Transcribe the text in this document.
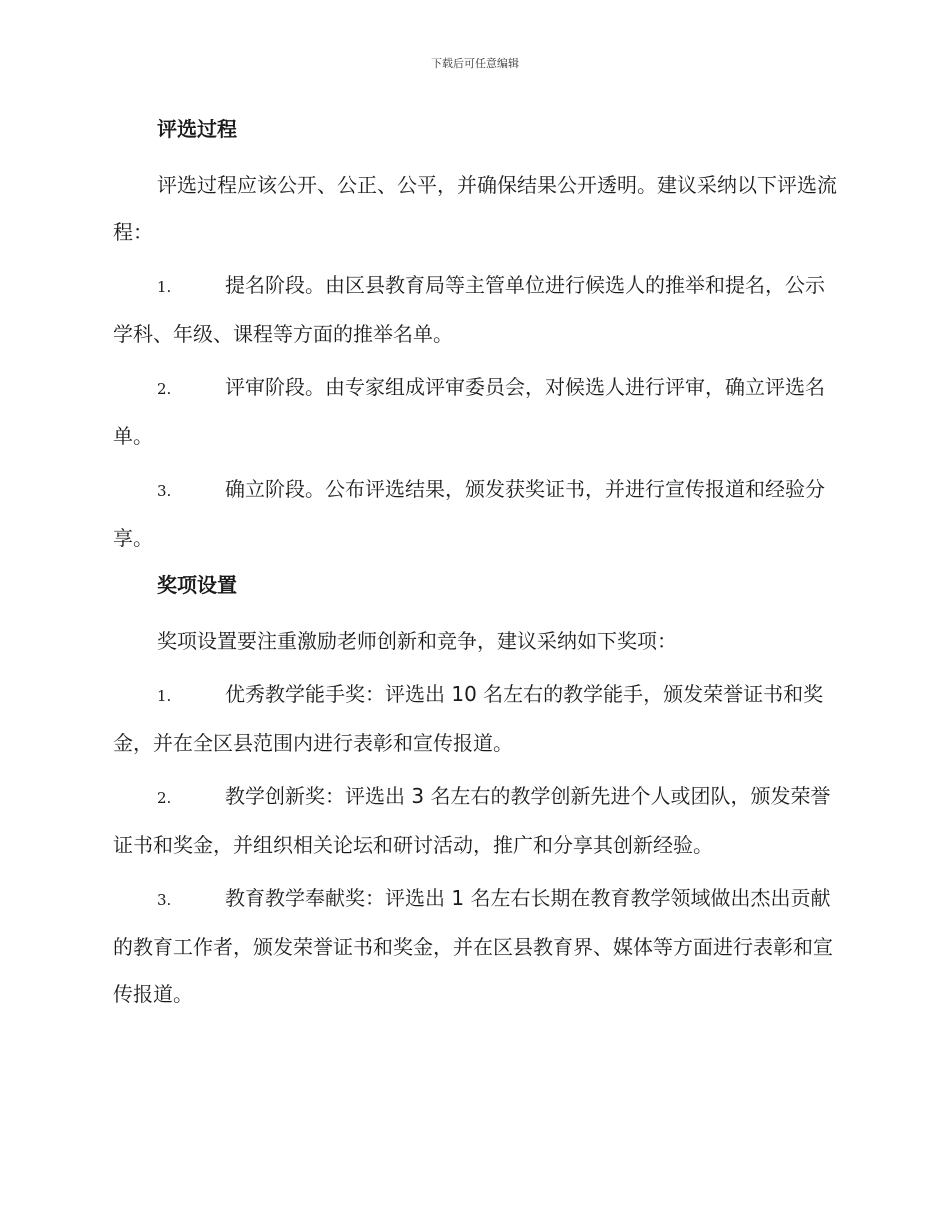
下载后可任意编辑
评选过程
评选过程应该公开、公正、公平，并确保结果公开透明。建议采纳以下评选流程：
1.	提名阶段。由区县教育局等主管单位进行候选人的推举和提名，公示学科、年级、课程等方面的推举名单。
2.	评审阶段。由专家组成评审委员会，对候选人进行评审，确立评选名单。
3.	确立阶段。公布评选结果，颁发获奖证书，并进行宣传报道和经验分享。
奖项设置
奖项设置要注重激励老师创新和竞争，建议采纳如下奖项：
1.	优秀教学能手奖：评选出 10 名左右的教学能手，颁发荣誉证书和奖金，并在全区县范围内进行表彰和宣传报道。
2.	教学创新奖：评选出 3 名左右的教学创新先进个人或团队，颁发荣誉证书和奖金，并组织相关论坛和研讨活动，推广和分享其创新经验。
3.	教育教学奉献奖：评选出 1 名左右长期在教育教学领域做出杰出贡献的教育工作者，颁发荣誉证书和奖金，并在区县教育界、媒体等方面进行表彰和宣传报道。
